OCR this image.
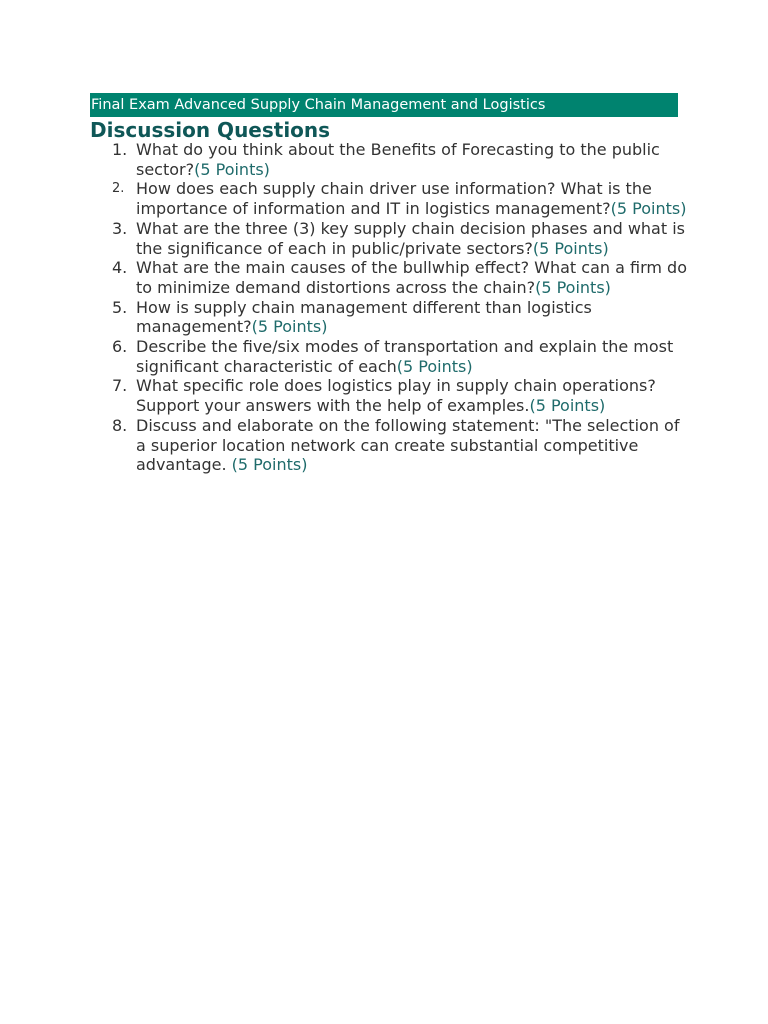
Final Exam Advanced Supply Chain Management and Logistics
Discussion Questions
1. What do you think about the Benefits of Forecasting to the public sector?(5 Points)
2. How does each supply chain driver use information? What is the importance of information and IT in logistics management?(5 Points)
3. What are the three (3) key supply chain decision phases and what is the significance of each in public/private sectors?(5 Points)
4. What are the main causes of the bullwhip effect? What can a firm do to minimize demand distortions across the chain?(5 Points)
5. How is supply chain management different than logistics management?(5 Points)
6. Describe the five/six modes of transportation and explain the most significant characteristic of each(5 Points)
7. What specific role does logistics play in supply chain operations? Support your answers with the help of examples.(5 Points)
8. Discuss and elaborate on the following statement: "The selection of a superior location network can create substantial competitive advantage. (5 Points)
